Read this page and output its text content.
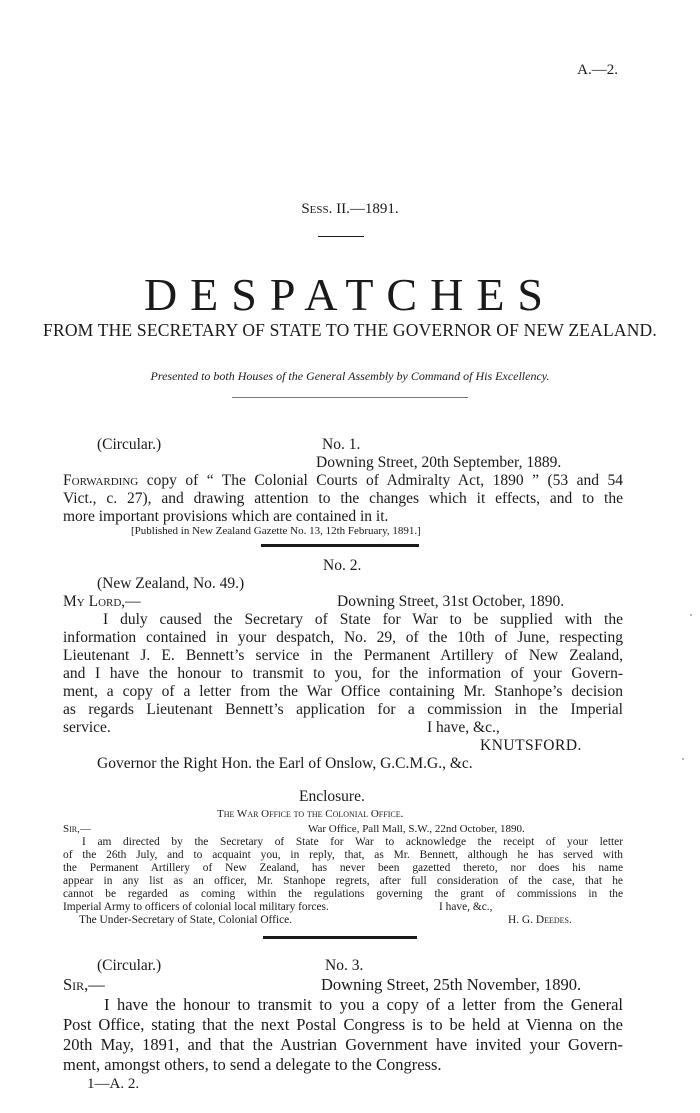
A.—2.
Sess. II.—1891.
DESPATCHES
FROM THE SECRETARY OF STATE TO THE GOVERNOR OF NEW ZEALAND.
Presented to both Houses of the General Assembly by Command of His Excellency.
(Circular.)	No. 1.
Downing Street, 20th September, 1889.
Forwarding copy of “ The Colonial Courts of Admiralty Act, 1890 ” (53 and 54
Vict., c. 27), and drawing attention to the changes which it effects, and to the
more important provisions which are contained in it.
[Published in New Zealand Gazette No. 13, 12th February, 1891.]
No. 2.
(New Zealand, No. 49.)
My Lord,—	Downing Street, 31st October, 1890.
I duly caused the Secretary of State for War to be supplied with the
information contained in your despatch, No. 29, of the 10th of June, respecting
Lieutenant J. E. Bennett’s service in the Permanent Artillery of New Zealand,
and I have the honour to transmit to you, for the information of your Govern-
ment, a copy of a letter from the War Office containing Mr. Stanhope’s decision
as regards Lieutenant Bennett’s application for a commission in the Imperial
service.	I have, &c.,
KNUTSFORD.
Governor the Right Hon. the Earl of Onslow, G.C.M.G., &c.
Enclosure.
The War Office to the Colonial Office.
Sir,—	War Office, Pall Mall, S.W., 22nd October, 1890.
I am directed by the Secretary of State for War to acknowledge the receipt of your letter
of the 26th July, and to acquaint you, in reply, that, as Mr. Bennett, although he has served with
the Permanent Artillery of New Zealand, has never been gazetted thereto, nor does his name
appear in any list as an officer, Mr. Stanhope regrets, after full consideration of the case, that he
cannot be regarded as coming within the regulations governing the grant of commissions in the
Imperial Army to officers of colonial local military forces.	I have, &c.,
The Under-Secretary of State, Colonial Office.	H. G. Deedes.
(Circular.)	No. 3.
Sir,—	Downing Street, 25th November, 1890.
I have the honour to transmit to you a copy of a letter from the General
Post Office, stating that the next Postal Congress is to be held at Vienna on the
20th May, 1891, and that the Austrian Government have invited your Govern-
ment, amongst others, to send a delegate to the Congress.
1—A. 2.
